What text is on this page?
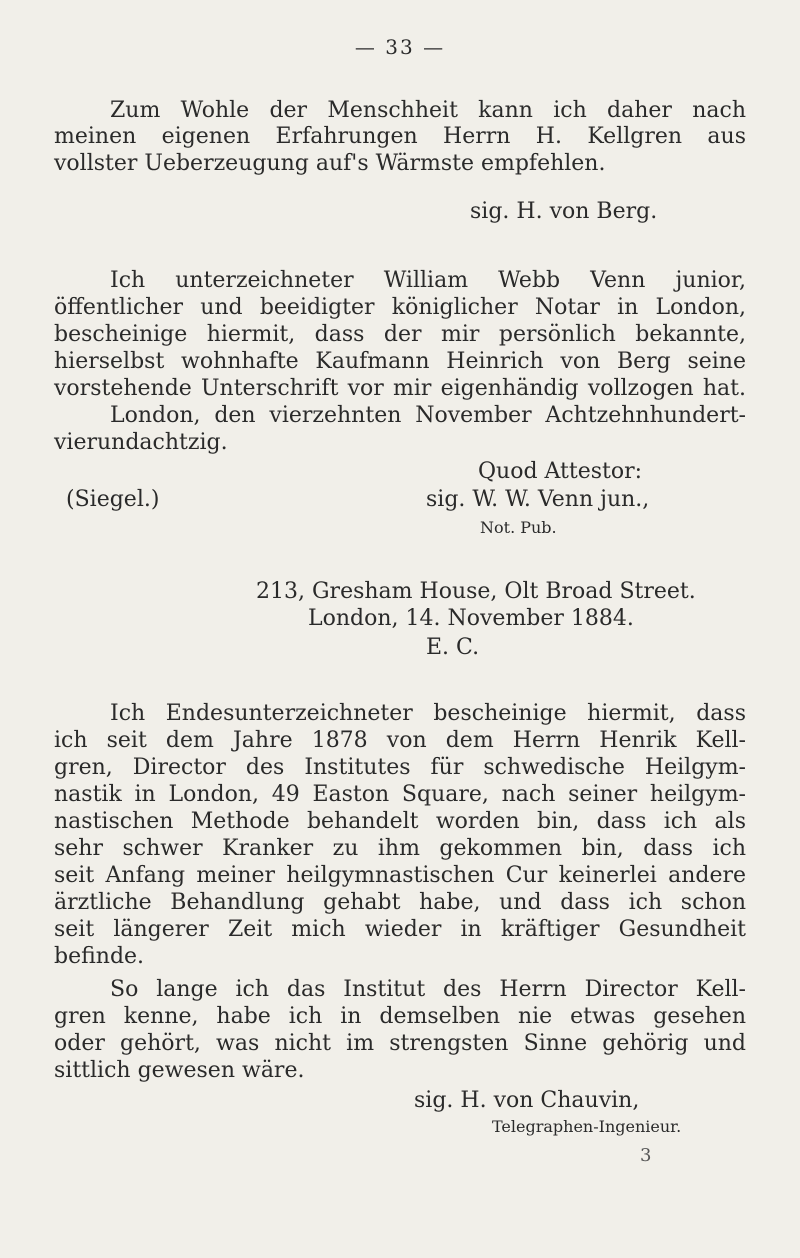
— 33 —
Zum Wohle der Menschheit kann ich daher nach
meinen eigenen Erfahrungen Herrn H. Kellgren aus
vollster Ueberzeugung auf's Wärmste empfehlen.
sig. H. von Berg.
Ich unterzeichneter William Webb Venn junior,
öffentlicher und beeidigter königlicher Notar in London,
bescheinige hiermit, dass der mir persönlich bekannte,
hierselbst wohnhafte Kaufmann Heinrich von Berg seine
vorstehende Unterschrift vor mir eigenhändig vollzogen hat.
London, den vierzehnten November Achtzehnhundert-
vierundachtzig.
Quod Attestor:
(Siegel.)	sig. W. W. Venn jun.,
Not. Pub.
213, Gresham House, Olt Broad Street.
London, 14. November 1884.
E. C.
Ich Endesunterzeichneter bescheinige hiermit, dass
ich seit dem Jahre 1878 von dem Herrn Henrik Kell-
gren, Director des Institutes für schwedische Heilgym-
nastik in London, 49 Easton Square, nach seiner heilgym-
nastischen Methode behandelt worden bin, dass ich als
sehr schwer Kranker zu ihm gekommen bin, dass ich
seit Anfang meiner heilgymnastischen Cur keinerlei andere
ärztliche Behandlung gehabt habe, und dass ich schon
seit längerer Zeit mich wieder in kräftiger Gesundheit
befinde.
So lange ich das Institut des Herrn Director Kell-
gren kenne, habe ich in demselben nie etwas gesehen
oder gehört, was nicht im strengsten Sinne gehörig und
sittlich gewesen wäre.
sig. H. von Chauvin,
Telegraphen-Ingenieur.
3
